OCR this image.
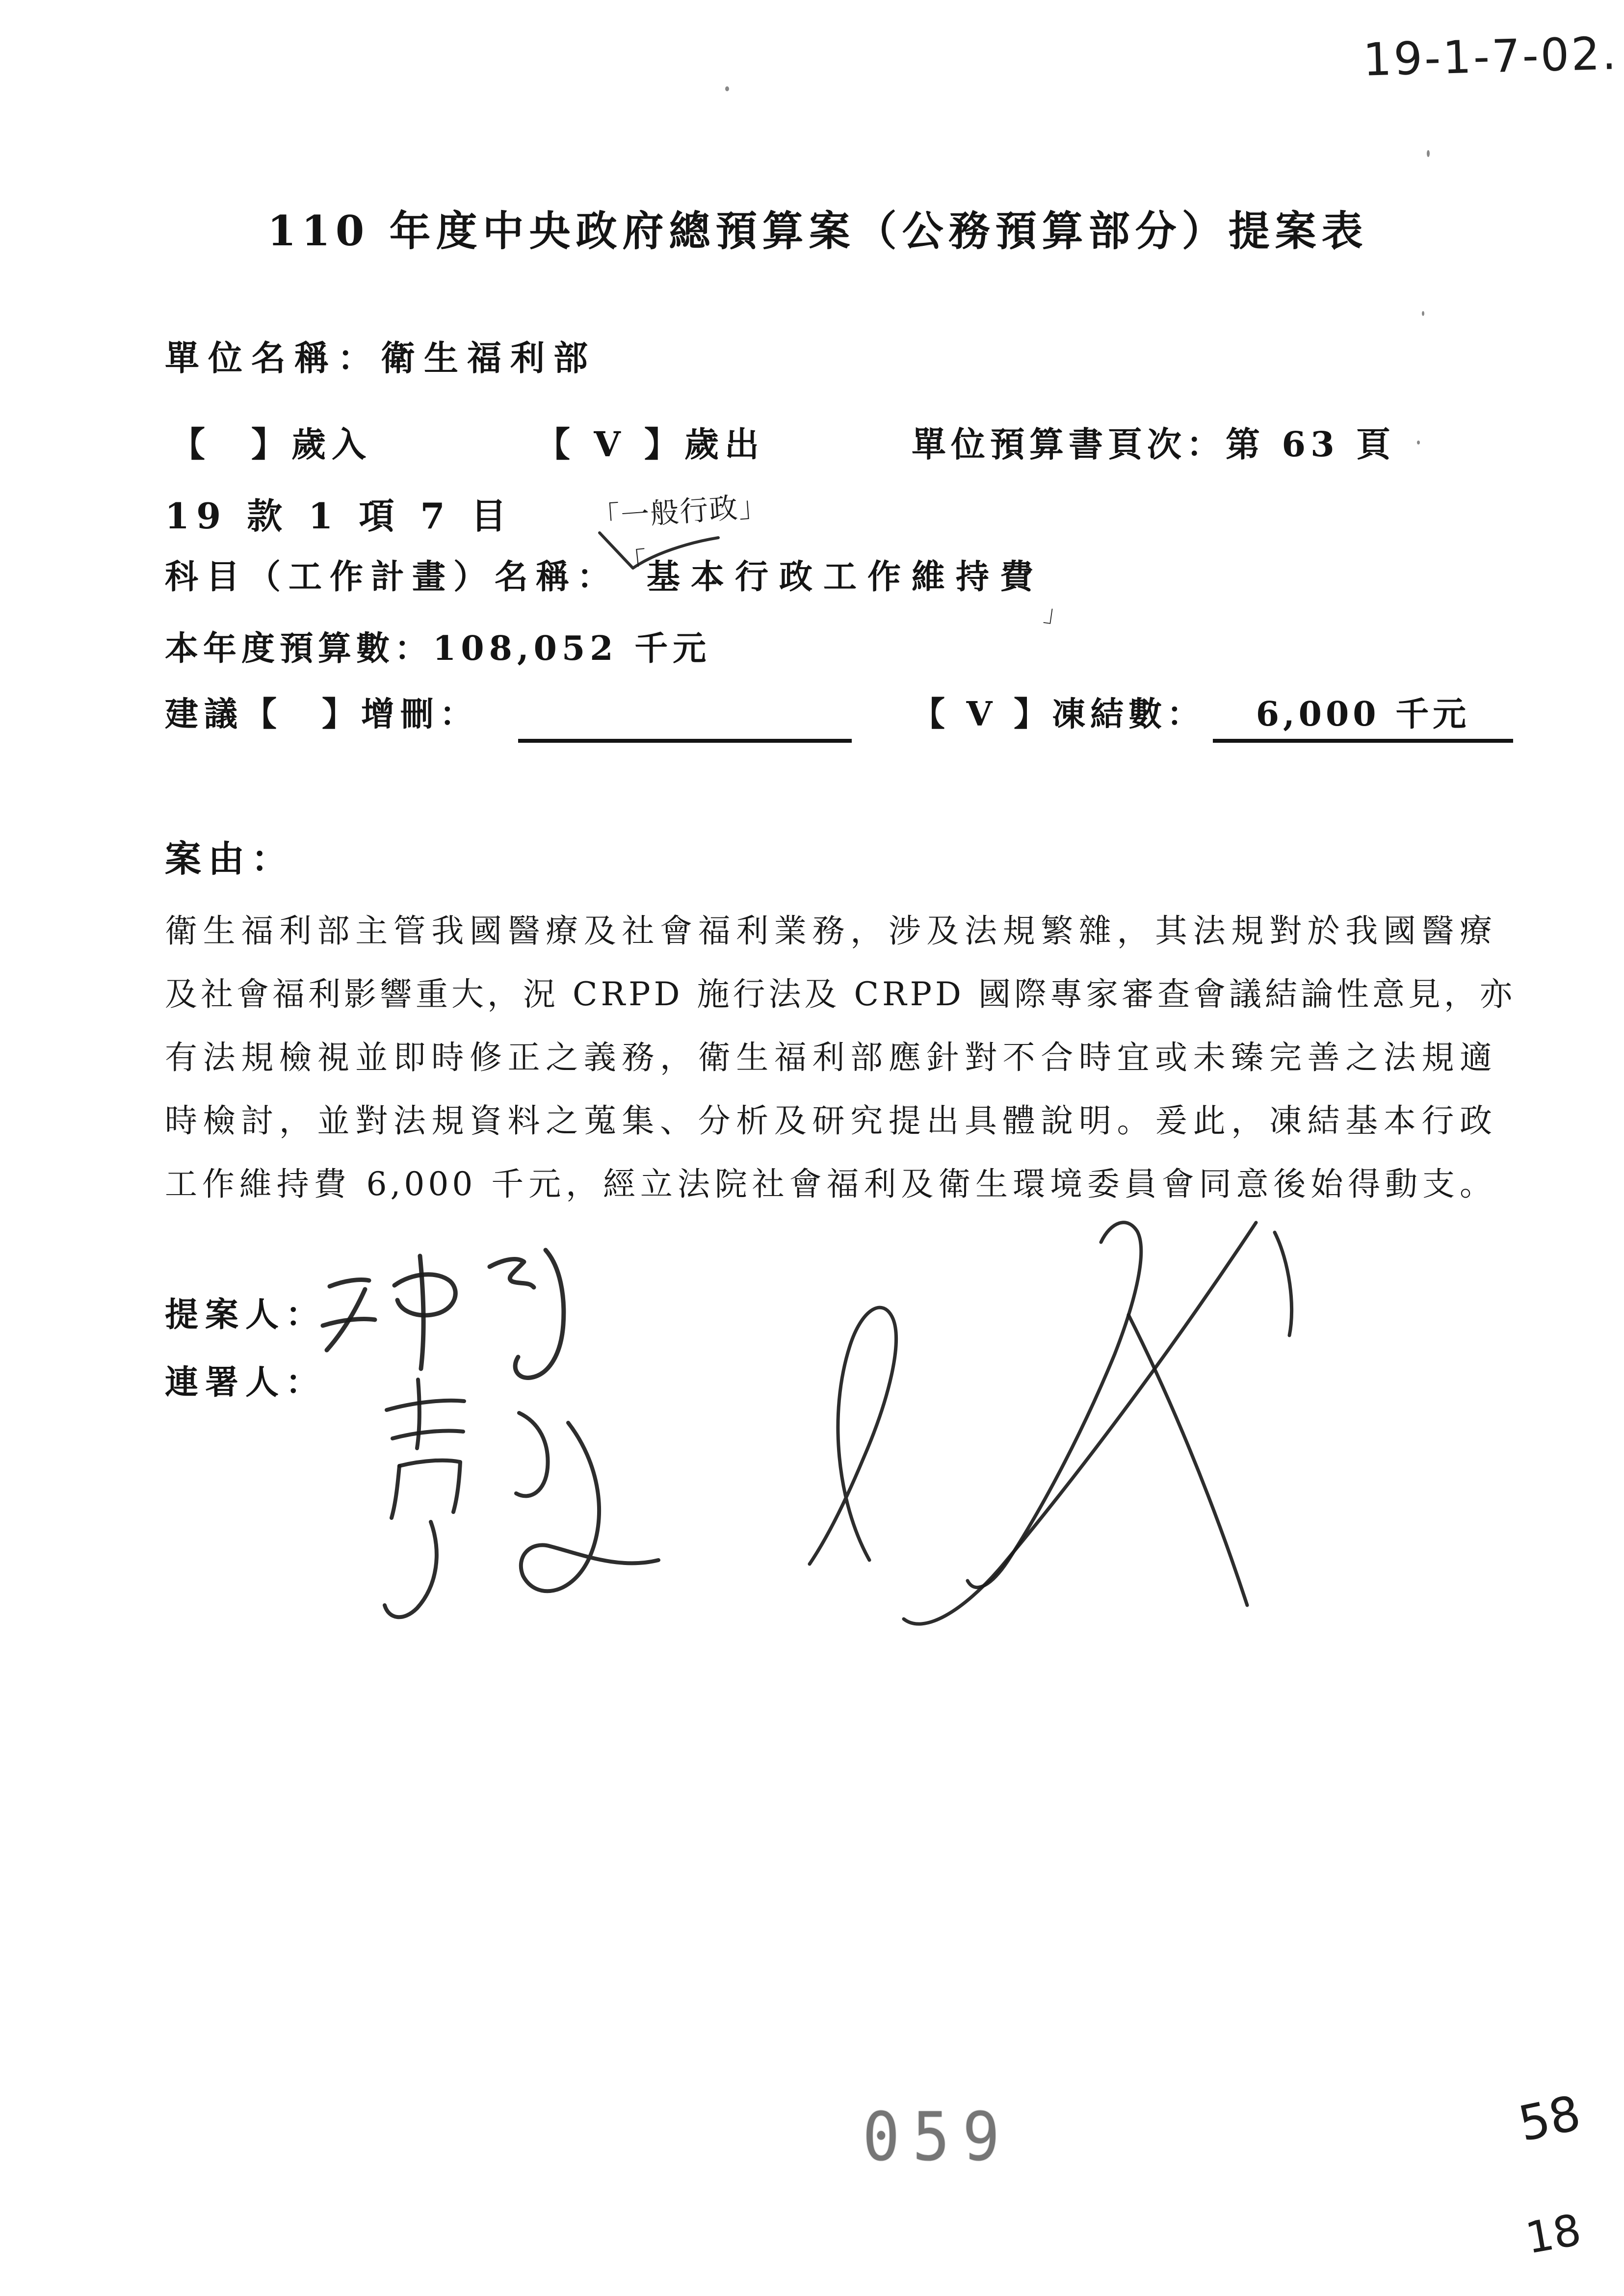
19-1-7-02.
110 年度中央政府總預算案（公務預算部分）提案表
單位名稱：衛生福利部
【　】歲入	【 V 】歲出	單位預算書頁次：第 63 頁
19 款 1 項 7 目	「一般行政」
科目（工作計畫）名稱： 「
基本行政工作維持費
」
本年度預算數：108,052 千元
建議【　】增刪：	【 V 】凍結數：	6,000 千元
案由：
衛生福利部主管我國醫療及社會福利業務，涉及法規繁雜，其法規對於我國醫療
及社會福利影響重大，況 CRPD 施行法及 CRPD 國際專家審查會議結論性意見，亦
有法規檢視並即時修正之義務，衛生福利部應針對不合時宜或未臻完善之法規適
時檢討，並對法規資料之蒐集、分析及研究提出具體說明。爰此，凍結基本行政
工作維持費 6,000 千元，經立法院社會福利及衛生環境委員會同意後始得動支。
提案人：
連署人：
059	58
18
